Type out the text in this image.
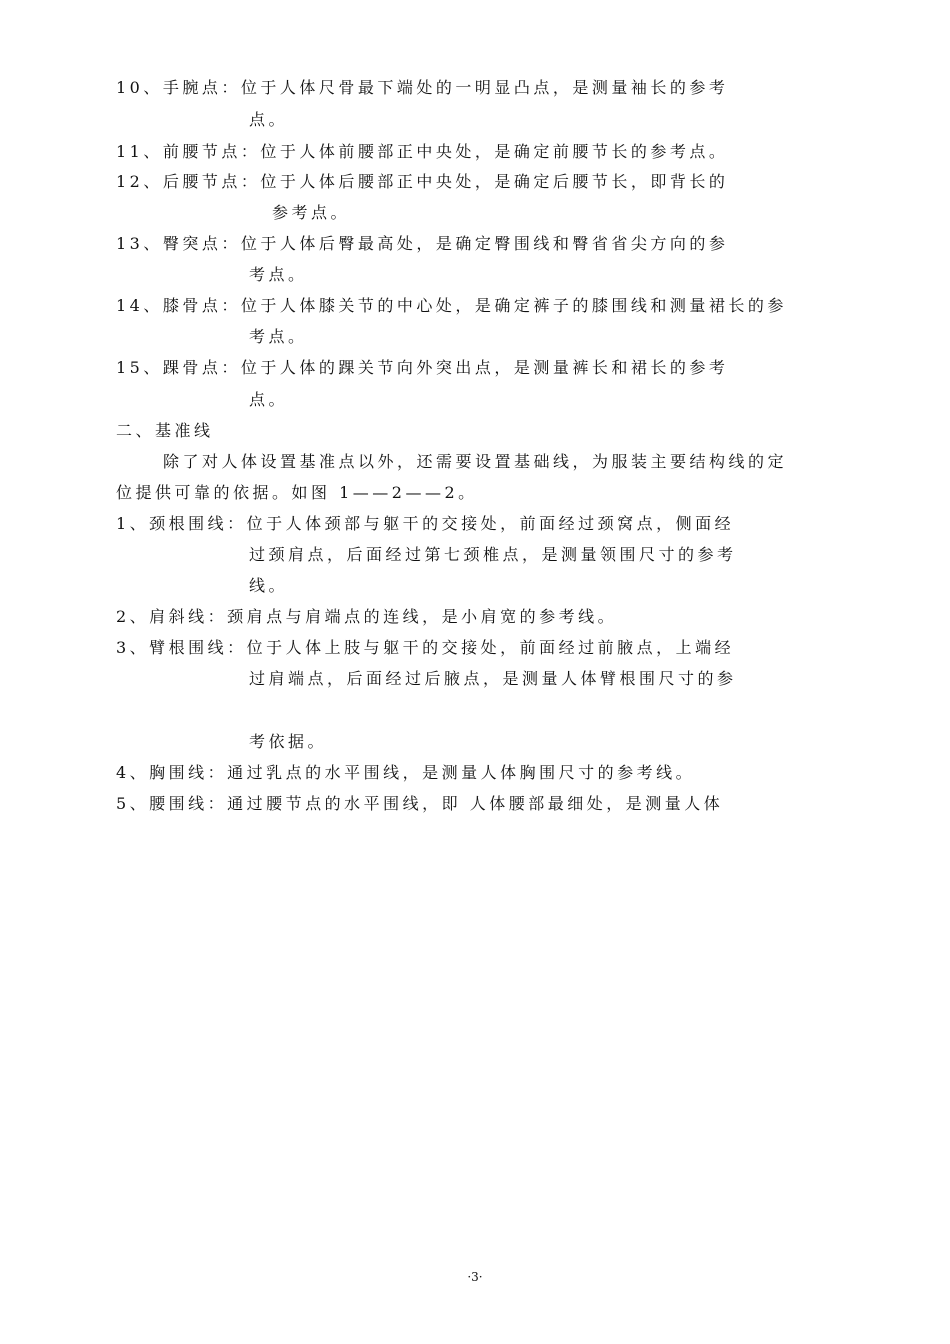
10、手腕点：位于人体尺骨最下端处的一明显凸点，是测量袖长的参考
点。
11、前腰节点：位于人体前腰部正中央处，是确定前腰节长的参考点。
12、后腰节点：位于人体后腰部正中央处，是确定后腰节长，即背长的
参考点。
13、臀突点：位于人体后臀最高处，是确定臀围线和臀省省尖方向的参
考点。
14、膝骨点：位于人体膝关节的中心处，是确定裤子的膝围线和测量裙长的参
考点。
15、踝骨点：位于人体的踝关节向外突出点，是测量裤长和裙长的参考
点。
二、基准线
除了对人体设置基准点以外，还需要设置基础线，为服装主要结构线的定
位提供可靠的依据。如图 1——2——2。
1、颈根围线：位于人体颈部与躯干的交接处，前面经过颈窝点，侧面经
过颈肩点，后面经过第七颈椎点，是测量领围尺寸的参考
线。
2、肩斜线：颈肩点与肩端点的连线，是小肩宽的参考线。
3、臂根围线：位于人体上肢与躯干的交接处，前面经过前腋点，上端经
过肩端点，后面经过后腋点，是测量人体臂根围尺寸的参
考依据。
4、胸围线：通过乳点的水平围线，是测量人体胸围尺寸的参考线。
5、腰围线：通过腰节点的水平围线，即 人体腰部最细处，是测量人体
·3·
